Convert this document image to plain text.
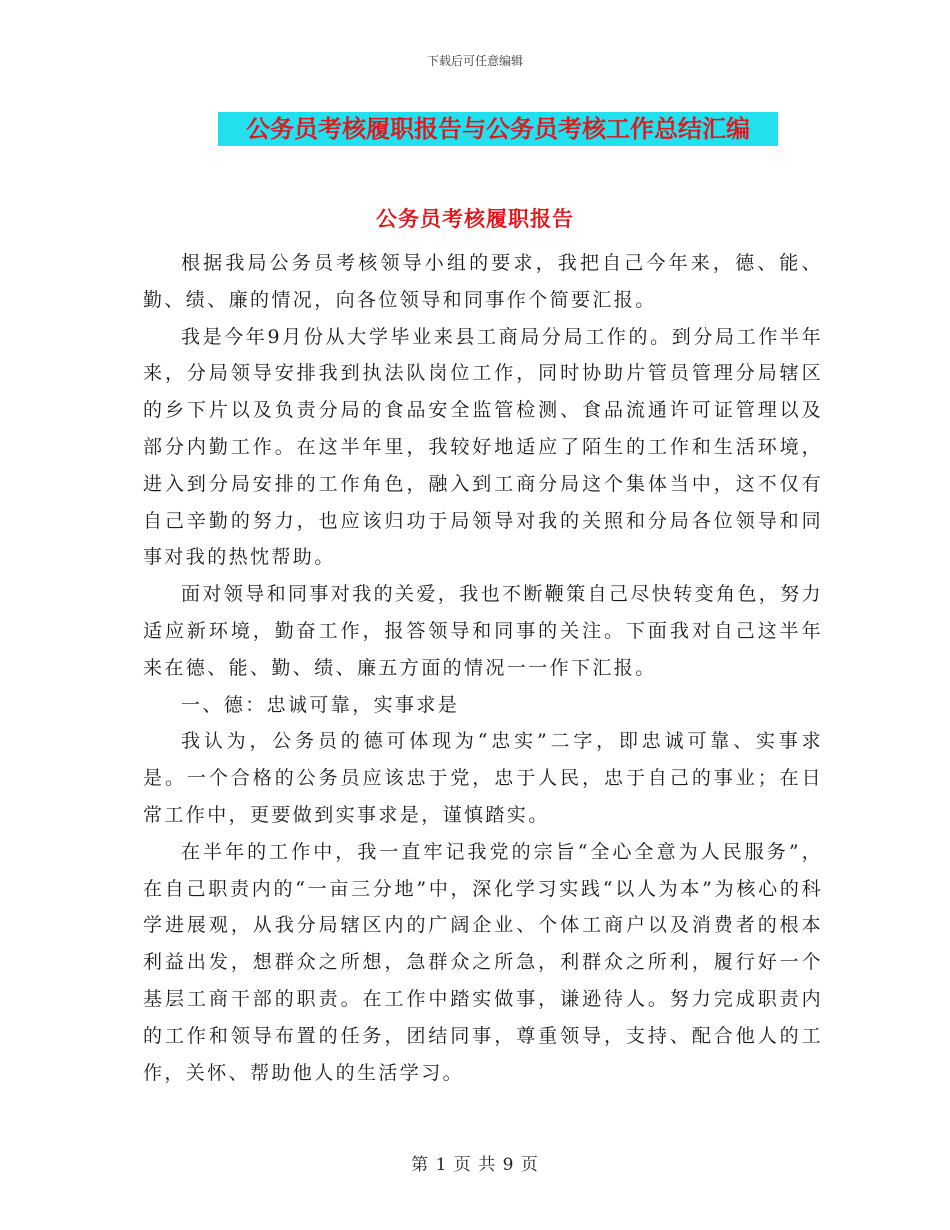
下载后可任意编辑
公务员考核履职报告与公务员考核工作总结汇编
公务员考核履职报告

根据我局公务员考核领导小组的要求，我把自己今年来，德、能、勤、绩、廉的情况，向各位领导和同事作个简要汇报。

我是今年9月份从大学毕业来县工商局分局工作的。到分局工作半年来，分局领导安排我到执法队岗位工作，同时协助片管员管理分局辖区的乡下片以及负责分局的食品安全监管检测、食品流通许可证管理以及部分内勤工作。在这半年里，我较好地适应了陌生的工作和生活环境，进入到分局安排的工作角色，融入到工商分局这个集体当中，这不仅有自己辛勤的努力，也应该归功于局领导对我的关照和分局各位领导和同事对我的热忱帮助。

面对领导和同事对我的关爱，我也不断鞭策自己尽快转变角色，努力适应新环境，勤奋工作，报答领导和同事的关注。下面我对自己这半年来在德、能、勤、绩、廉五方面的情况一一作下汇报。

一、德：忠诚可靠，实事求是

我认为，公务员的德可体现为“忠实”二字，即忠诚可靠、实事求是。一个合格的公务员应该忠于党，忠于人民，忠于自己的事业；在日常工作中，更要做到实事求是，谨慎踏实。

在半年的工作中，我一直牢记我党的宗旨“全心全意为人民服务”，在自己职责内的“一亩三分地”中，深化学习实践“以人为本”为核心的科学进展观，从我分局辖区内的广阔企业、个体工商户以及消费者的根本利益出发，想群众之所想，急群众之所急，利群众之所利，履行好一个基层工商干部的职责。在工作中踏实做事，谦逊待人。努力完成职责内的工作和领导布置的任务，团结同事，尊重领导，支持、配合他人的工作，关怀、帮助他人的生活学习。

第 1 页 共 9 页
